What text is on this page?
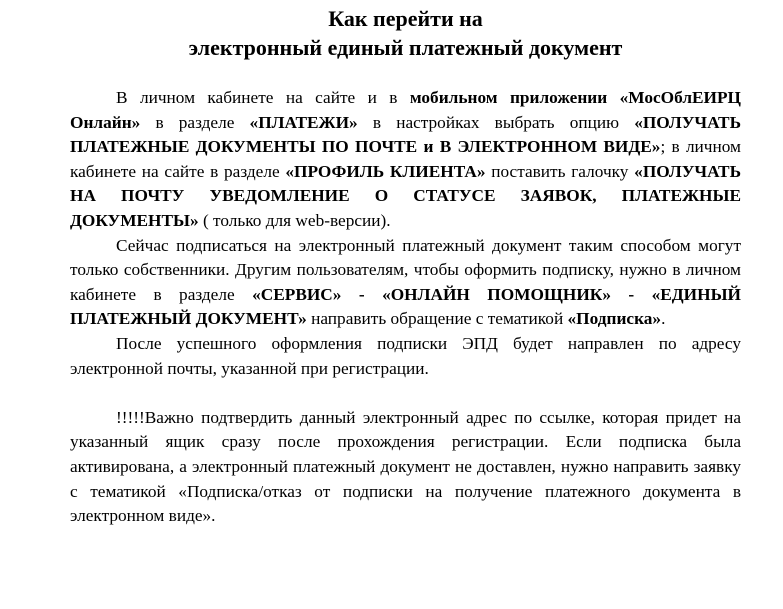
Как перейти на
электронный единый платежный документ

В личном кабинете на сайте и в мобильном приложении «МосОблЕИРЦ Онлайн» в разделе «ПЛАТЕЖИ» в настройках выбрать опцию «ПОЛУЧАТЬ ПЛАТЕЖНЫЕ ДОКУМЕНТЫ ПО ПОЧТЕ и В ЭЛЕКТРОННОМ ВИДЕ»; в личном кабинете на сайте в разделе «ПРОФИЛЬ КЛИЕНТА» поставить галочку «ПОЛУЧАТЬ НА ПОЧТУ УВЕДОМЛЕНИЕ О СТАТУСЕ ЗАЯВОК, ПЛАТЕЖНЫЕ ДОКУМЕНТЫ» ( только для web-версии).

Сейчас подписаться на электронный платежный документ таким способом могут только собственники. Другим пользователям, чтобы оформить подписку, нужно в личном кабинете в разделе «СЕРВИС» - «ОНЛАЙН ПОМОЩНИК» - «ЕДИНЫЙ ПЛАТЕЖНЫЙ ДОКУМЕНТ» направить обращение с тематикой «Подписка».

После успешного оформления подписки ЭПД будет направлен по адресу электронной почты, указанной при регистрации.

!!!!!Важно подтвердить данный электронный адрес по ссылке, которая придет на указанный ящик сразу после прохождения регистрации. Если подписка была активирована, а электронный платежный документ не доставлен, нужно направить заявку с тематикой «Подписка/отказ от подписки на получение платежного документа в электронном виде».
